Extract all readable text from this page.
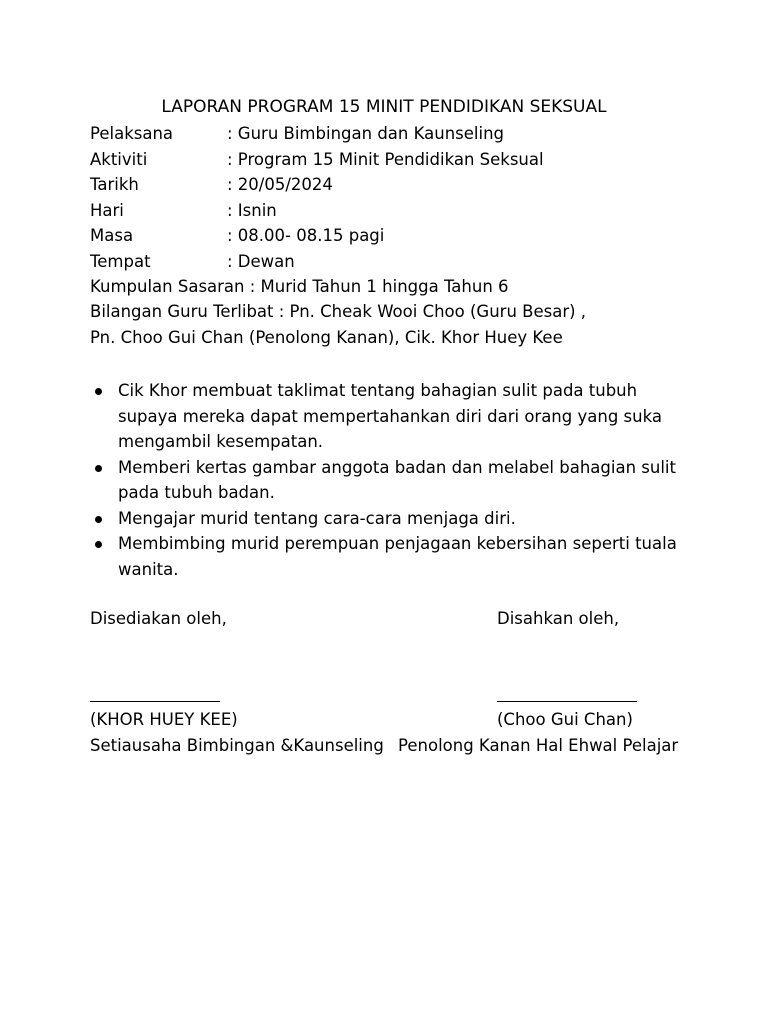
LAPORAN PROGRAM 15 MINIT PENDIDIKAN SEKSUAL
Pelaksana	: Guru Bimbingan dan Kaunseling
Aktiviti	: Program 15 Minit Pendidikan Seksual
Tarikh	: 20/05/2024
Hari	: Isnin
Masa	: 08.00- 08.15 pagi
Tempat	: Dewan
Kumpulan Sasaran : Murid Tahun 1 hingga Tahun 6
Bilangan Guru Terlibat : Pn. Cheak Wooi Choo (Guru Besar) ,
Pn. Choo Gui Chan (Penolong Kanan), Cik. Khor Huey Kee
Cik Khor membuat taklimat tentang bahagian sulit pada tubuh supaya mereka dapat mempertahankan diri dari orang yang suka mengambil kesempatan.
Memberi kertas gambar anggota badan dan melabel bahagian sulit pada tubuh badan.
Mengajar murid tentang cara-cara menjaga diri.
Membimbing murid perempuan penjagaan kebersihan seperti tuala wanita.
Disediakan oleh,
(KHOR HUEY KEE)
Setiausaha Bimbingan &Kaunseling
Disahkan oleh,
(Choo Gui Chan)
Penolong Kanan Hal Ehwal Pelajar
